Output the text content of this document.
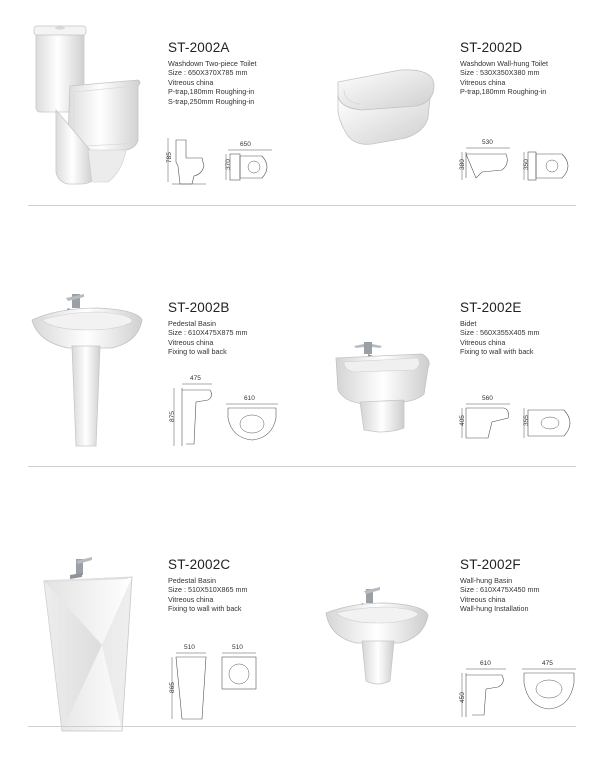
ST-2002A
Washdown Two-piece Toilet
Size : 650X370X785 mm
Vitreous china
P-trap,180mm Roughing-in
S-trap,250mm Roughing-in
785
650
370
ST-2002D
Washdown Wall-hung Toilet
Size : 530X350X380 mm
Vitreous china
P-trap,180mm Roughing-in
530
380	350
ST-2002B
Pedestal Basin
Size : 610X475X875 mm
Vitreous china
Fixing to wall back
475
875
610
ST-2002E
Bidet
Size : 560X355X405 mm
Vitreous china
Fixing to wall with back
560
405	355
ST-2002C
Pedestal Basin
Size : 510X510X865 mm
Vitreous china
Fixing to wall with back
510
865
510
ST-2002F
Wall-hung Basin
Size : 610X475X450 mm
Vitreous china
Wall-hung Installation
610
450
475
